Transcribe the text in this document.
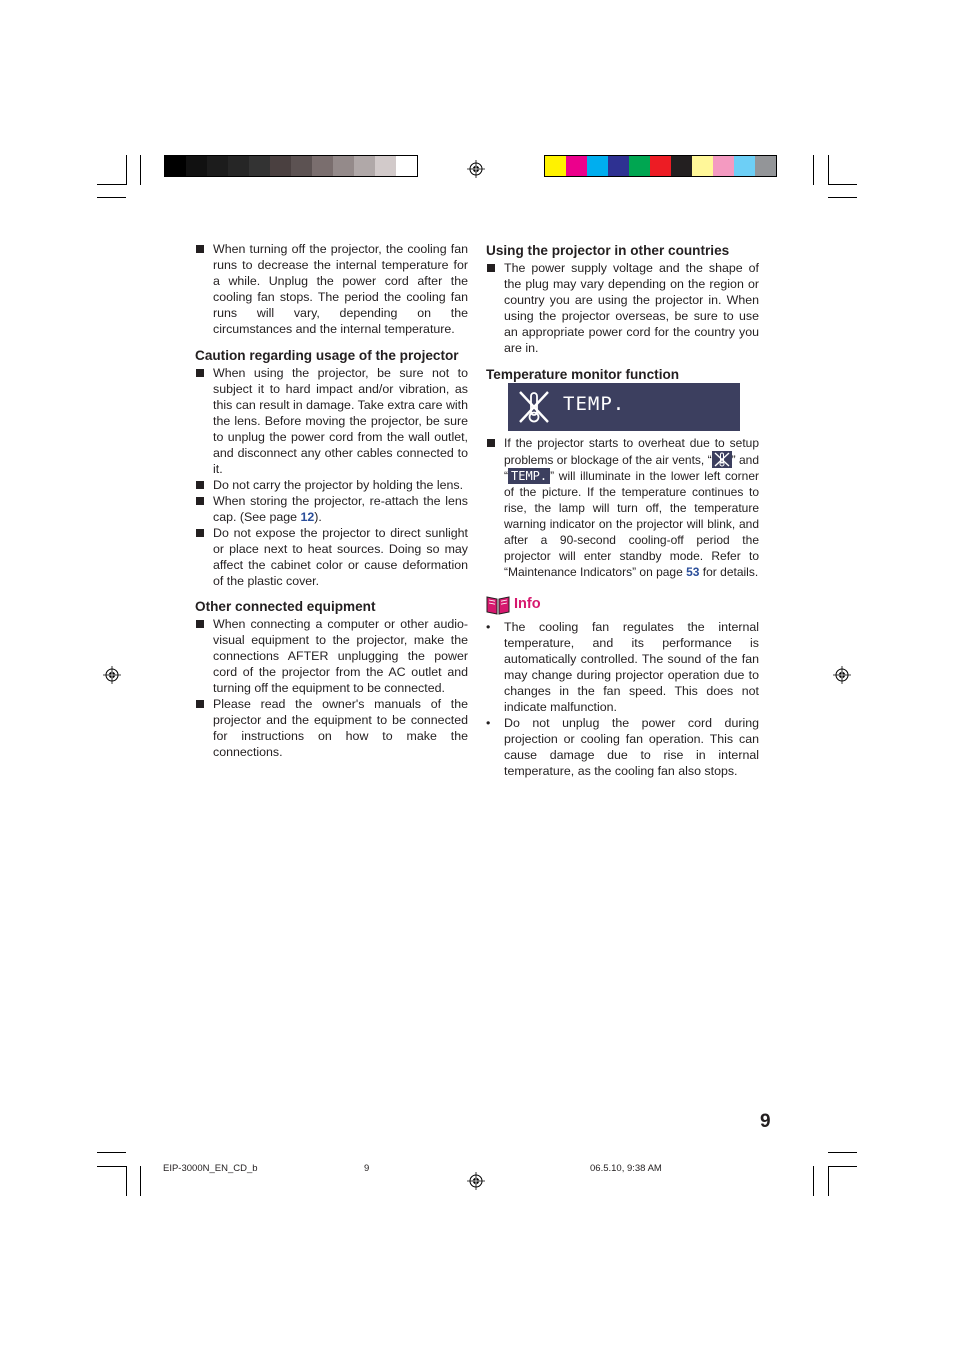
When turning off the projector, the cooling fan runs to decrease the internal temperature for a while. Unplug the power cord after the cooling fan stops. The period the cooling fan runs will vary, depending on the circumstances and the internal temperature.

Caution regarding usage of the projector

When using the projector, be sure not to subject it to hard impact and/or vibration, as this can result in damage. Take extra care with the lens. Before moving the projector, be sure to unplug the power cord from the wall outlet, and disconnect any other cables connected to it.

Do not carry the projector by holding the lens.

When storing the projector, re-attach the lens cap. (See page 12).

Do not expose the projector to direct sunlight or place next to heat sources. Doing so may affect the cabinet color or cause deformation of the plastic cover.

Other connected equipment

When connecting a computer or other audio-visual equipment to the projector, make the connections AFTER unplugging the power cord of the projector from the AC outlet and turning off the equipment to be connected.

Please read the owner's manuals of the projector and the equipment to be connected for instructions on how to make the connections.

Using the projector in other countries

The power supply voltage and the shape of the plug may vary depending on the region or country you are using the projector in. When using the projector overseas, be sure to use an appropriate power cord for the country you are in.

Temperature monitor function

TEMP.

If the projector starts to overheat due to setup problems or blockage of the air vents, “ ” and “ TEMP. ” will illuminate in the lower left corner of the picture. If the temperature continues to rise, the lamp will turn off, the temperature warning indicator on the projector will blink, and after a 90-second cooling-off period the projector will enter standby mode. Refer to “Maintenance Indicators” on page 53 for details.

Info

• The cooling fan regulates the internal temperature, and its performance is automatically controlled. The sound of the fan may change during projector operation due to changes in the fan speed. This does not indicate malfunction.

• Do not unplug the power cord during projection or cooling fan operation. This can cause damage due to rise in internal temperature, as the cooling fan also stops.

9
EIP-3000N_EN_CD_b	9	06.5.10, 9:38 AM
